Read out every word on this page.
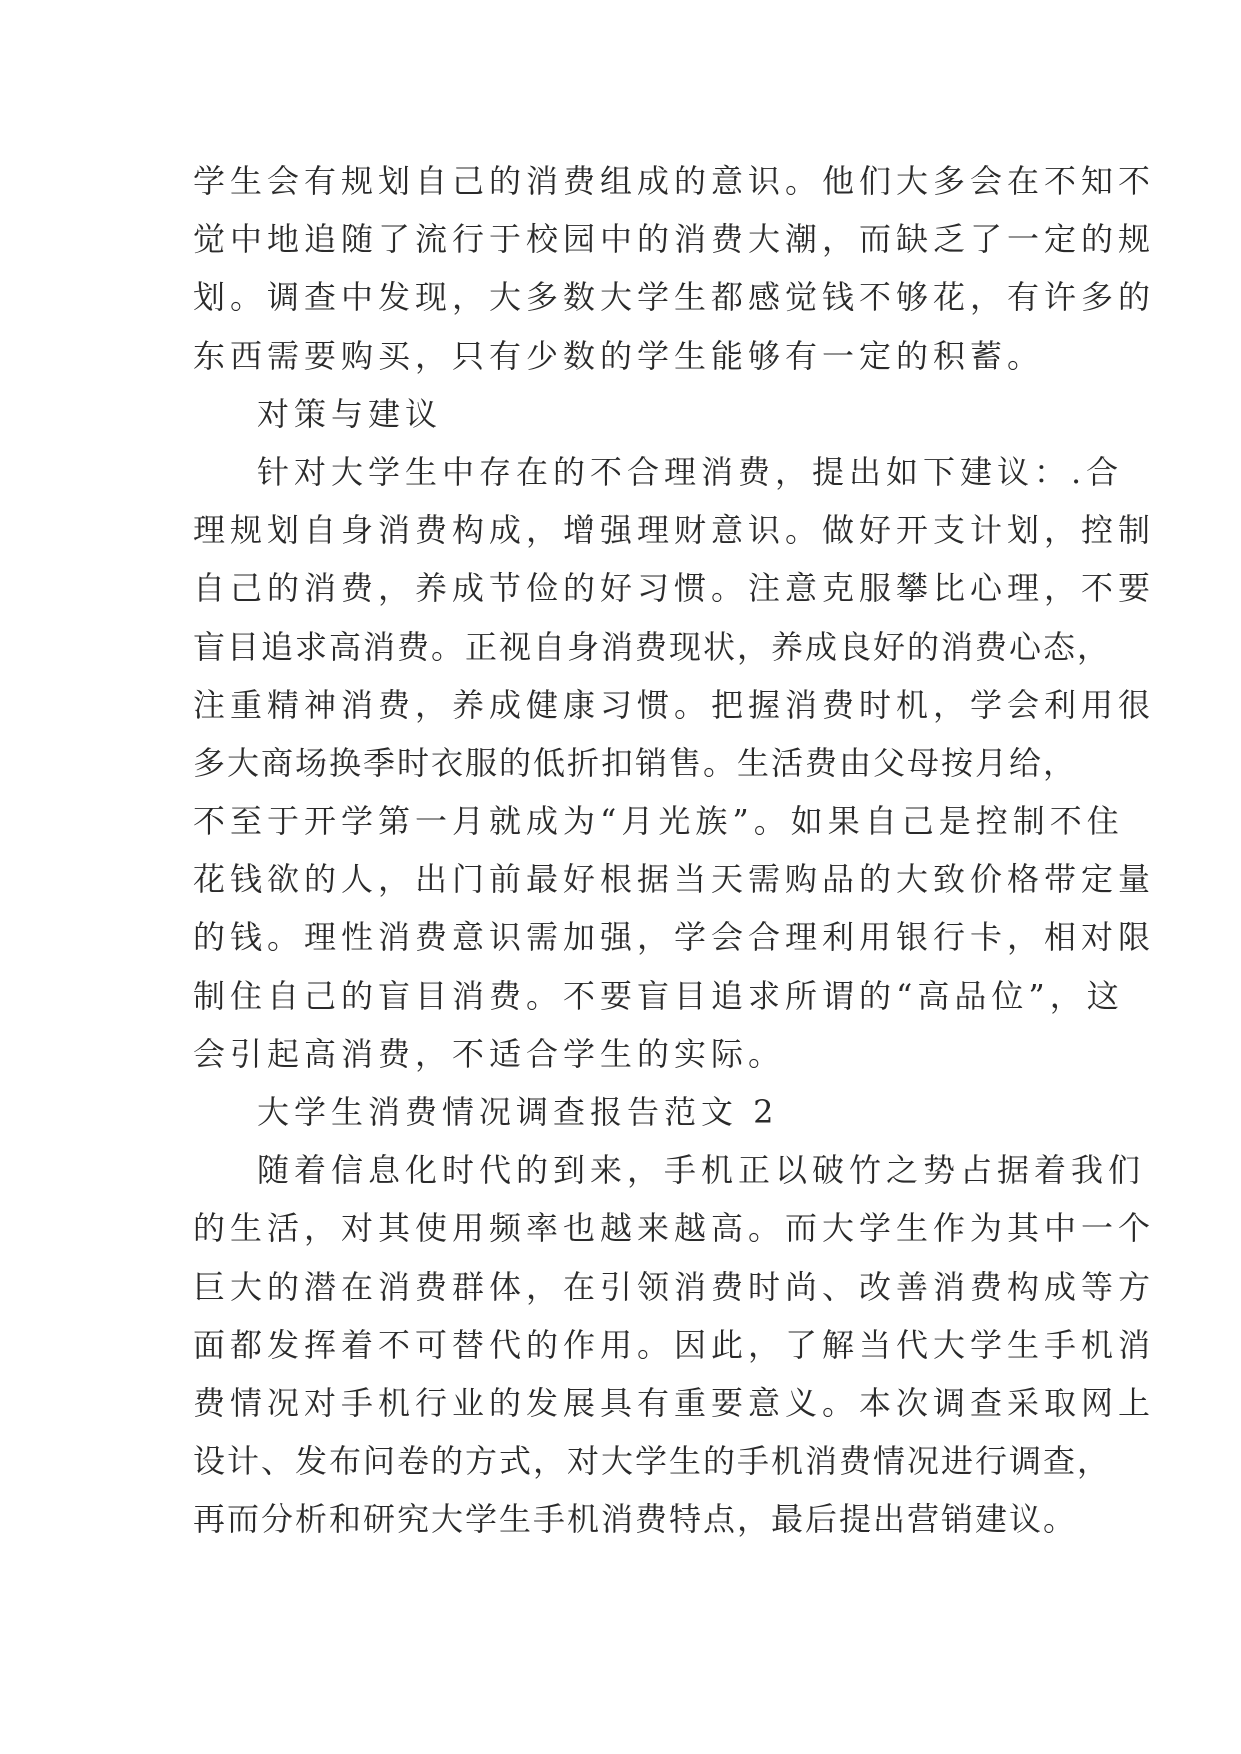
学生会有规划自己的消费组成的意识。他们大多会在不知不
觉中地追随了流行于校园中的消费大潮，而缺乏了一定的规
划。调查中发现，大多数大学生都感觉钱不够花，有许多的
东西需要购买，只有少数的学生能够有一定的积蓄。
对策与建议
针对大学生中存在的不合理消费，提出如下建议：.合
理规划自身消费构成，增强理财意识。做好开支计划，控制
自己的消费，养成节俭的好习惯。注意克服攀比心理，不要
盲目追求高消费。正视自身消费现状，养成良好的消费心态，
注重精神消费，养成健康习惯。把握消费时机，学会利用很
多大商场换季时衣服的低折扣销售。生活费由父母按月给，
不至于开学第一月就成为“月光族”。如果自己是控制不住
花钱欲的人，出门前最好根据当天需购品的大致价格带定量
的钱。理性消费意识需加强，学会合理利用银行卡，相对限
制住自己的盲目消费。不要盲目追求所谓的“高品位”，这
会引起高消费，不适合学生的实际。
大学生消费情况调查报告范文 2
随着信息化时代的到来，手机正以破竹之势占据着我们
的生活，对其使用频率也越来越高。而大学生作为其中一个
巨大的潜在消费群体，在引领消费时尚、改善消费构成等方
面都发挥着不可替代的作用。因此，了解当代大学生手机消
费情况对手机行业的发展具有重要意义。本次调查采取网上
设计、发布问卷的方式，对大学生的手机消费情况进行调查，
再而分析和研究大学生手机消费特点，最后提出营销建议。
